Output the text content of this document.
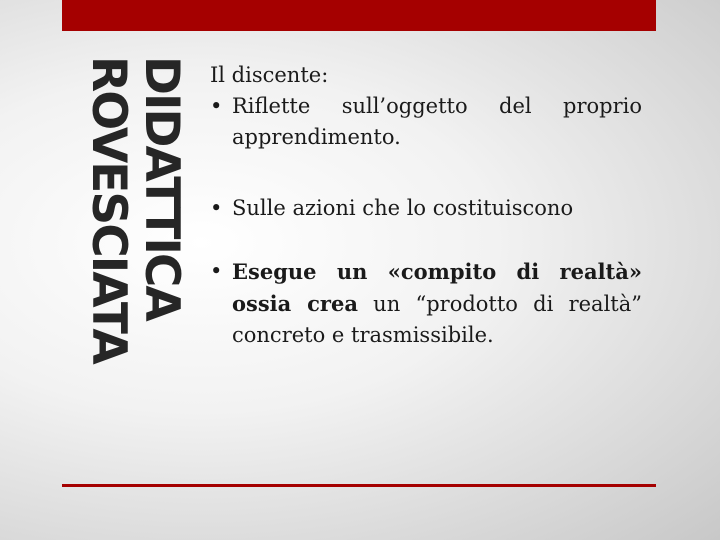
DIDATTICA
ROVESCIATA	Il discente:

• Riflette sull’oggetto del proprio apprendimento.

• Sulle azioni che lo costituiscono

• Esegue un «compito di realtà» ossia crea un “prodotto di realtà” concreto e trasmissibile.
